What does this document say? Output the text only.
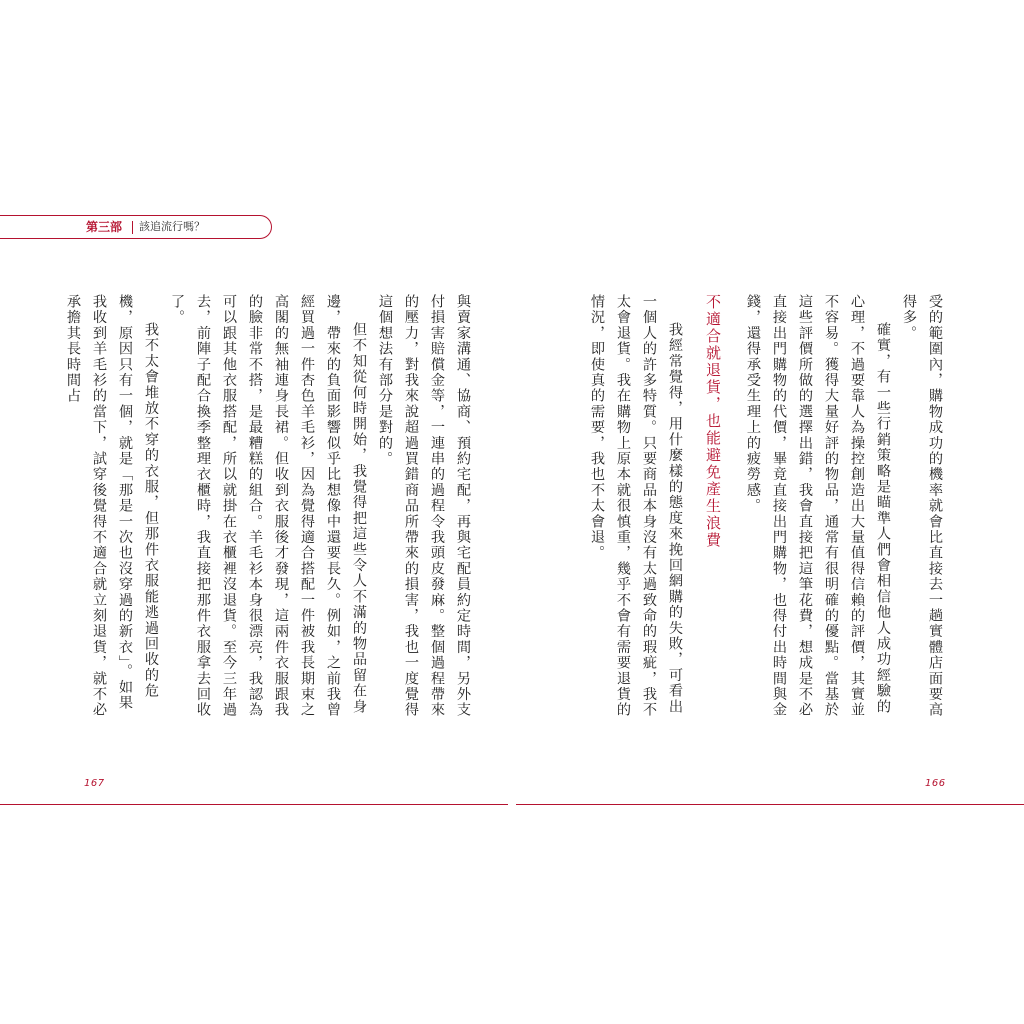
第三部 該追流行嗎？

與賣家溝通、協商、預約宅配，再與宅配員約定時間，另外支付損害賠償金等，一連串的過程令我頭皮發麻。整個過程帶來的壓力，對我來說超過買錯商品所帶來的損害，我也一度覺得這個想法有部分是對的。

但不知從何時開始，我覺得把這些令人不滿的物品留在身邊，帶來的負面影響似乎比想像中還要長久。例如，之前我曾經買過一件杏色羊毛衫，因為覺得適合搭配一件被我長期束之高閣的無袖連身長裙。但收到衣服後才發現，這兩件衣服跟我的臉非常不搭，是最糟糕的組合。羊毛衫本身很漂亮，我認為可以跟其他衣服搭配，所以就掛在衣櫃裡沒退貨。至今三年過去，前陣子配合換季整理衣櫃時，我直接把那件衣服拿去回收了。

我不太會堆放不穿的衣服，但那件衣服能逃過回收的危機，原因只有一個，就是「那是一次也沒穿過的新衣」。如果我收到羊毛衫的當下，試穿後覺得不適合就立刻退貨，就不必承擔其長時間占	受的範圍內，購物成功的機率就會比直接去一趟實體店面要高得多。

確實，有一些行銷策略是瞄準人們會相信他人成功經驗的心理，不過要靠人為操控創造出大量值得信賴的評價，其實並不容易。獲得大量好評的物品，通常有很明確的優點。當基於這些評價所做的選擇出錯，我會直接把這筆花費，想成是不必直接出門購物的代價，畢竟直接出門購物，也得付出時間與金錢，還得承受生理上的疲勞感。

不適合就退貨，也能避免產生浪費

我經常覺得，用什麼樣的態度來挽回網購的失敗，可看出一個人的許多特質。只要商品本身沒有太過致命的瑕疵，我不太會退貨。我在購物上原本就很慎重，幾乎不會有需要退貨的情況，即使真的需要，我也不太會退。

167	166
